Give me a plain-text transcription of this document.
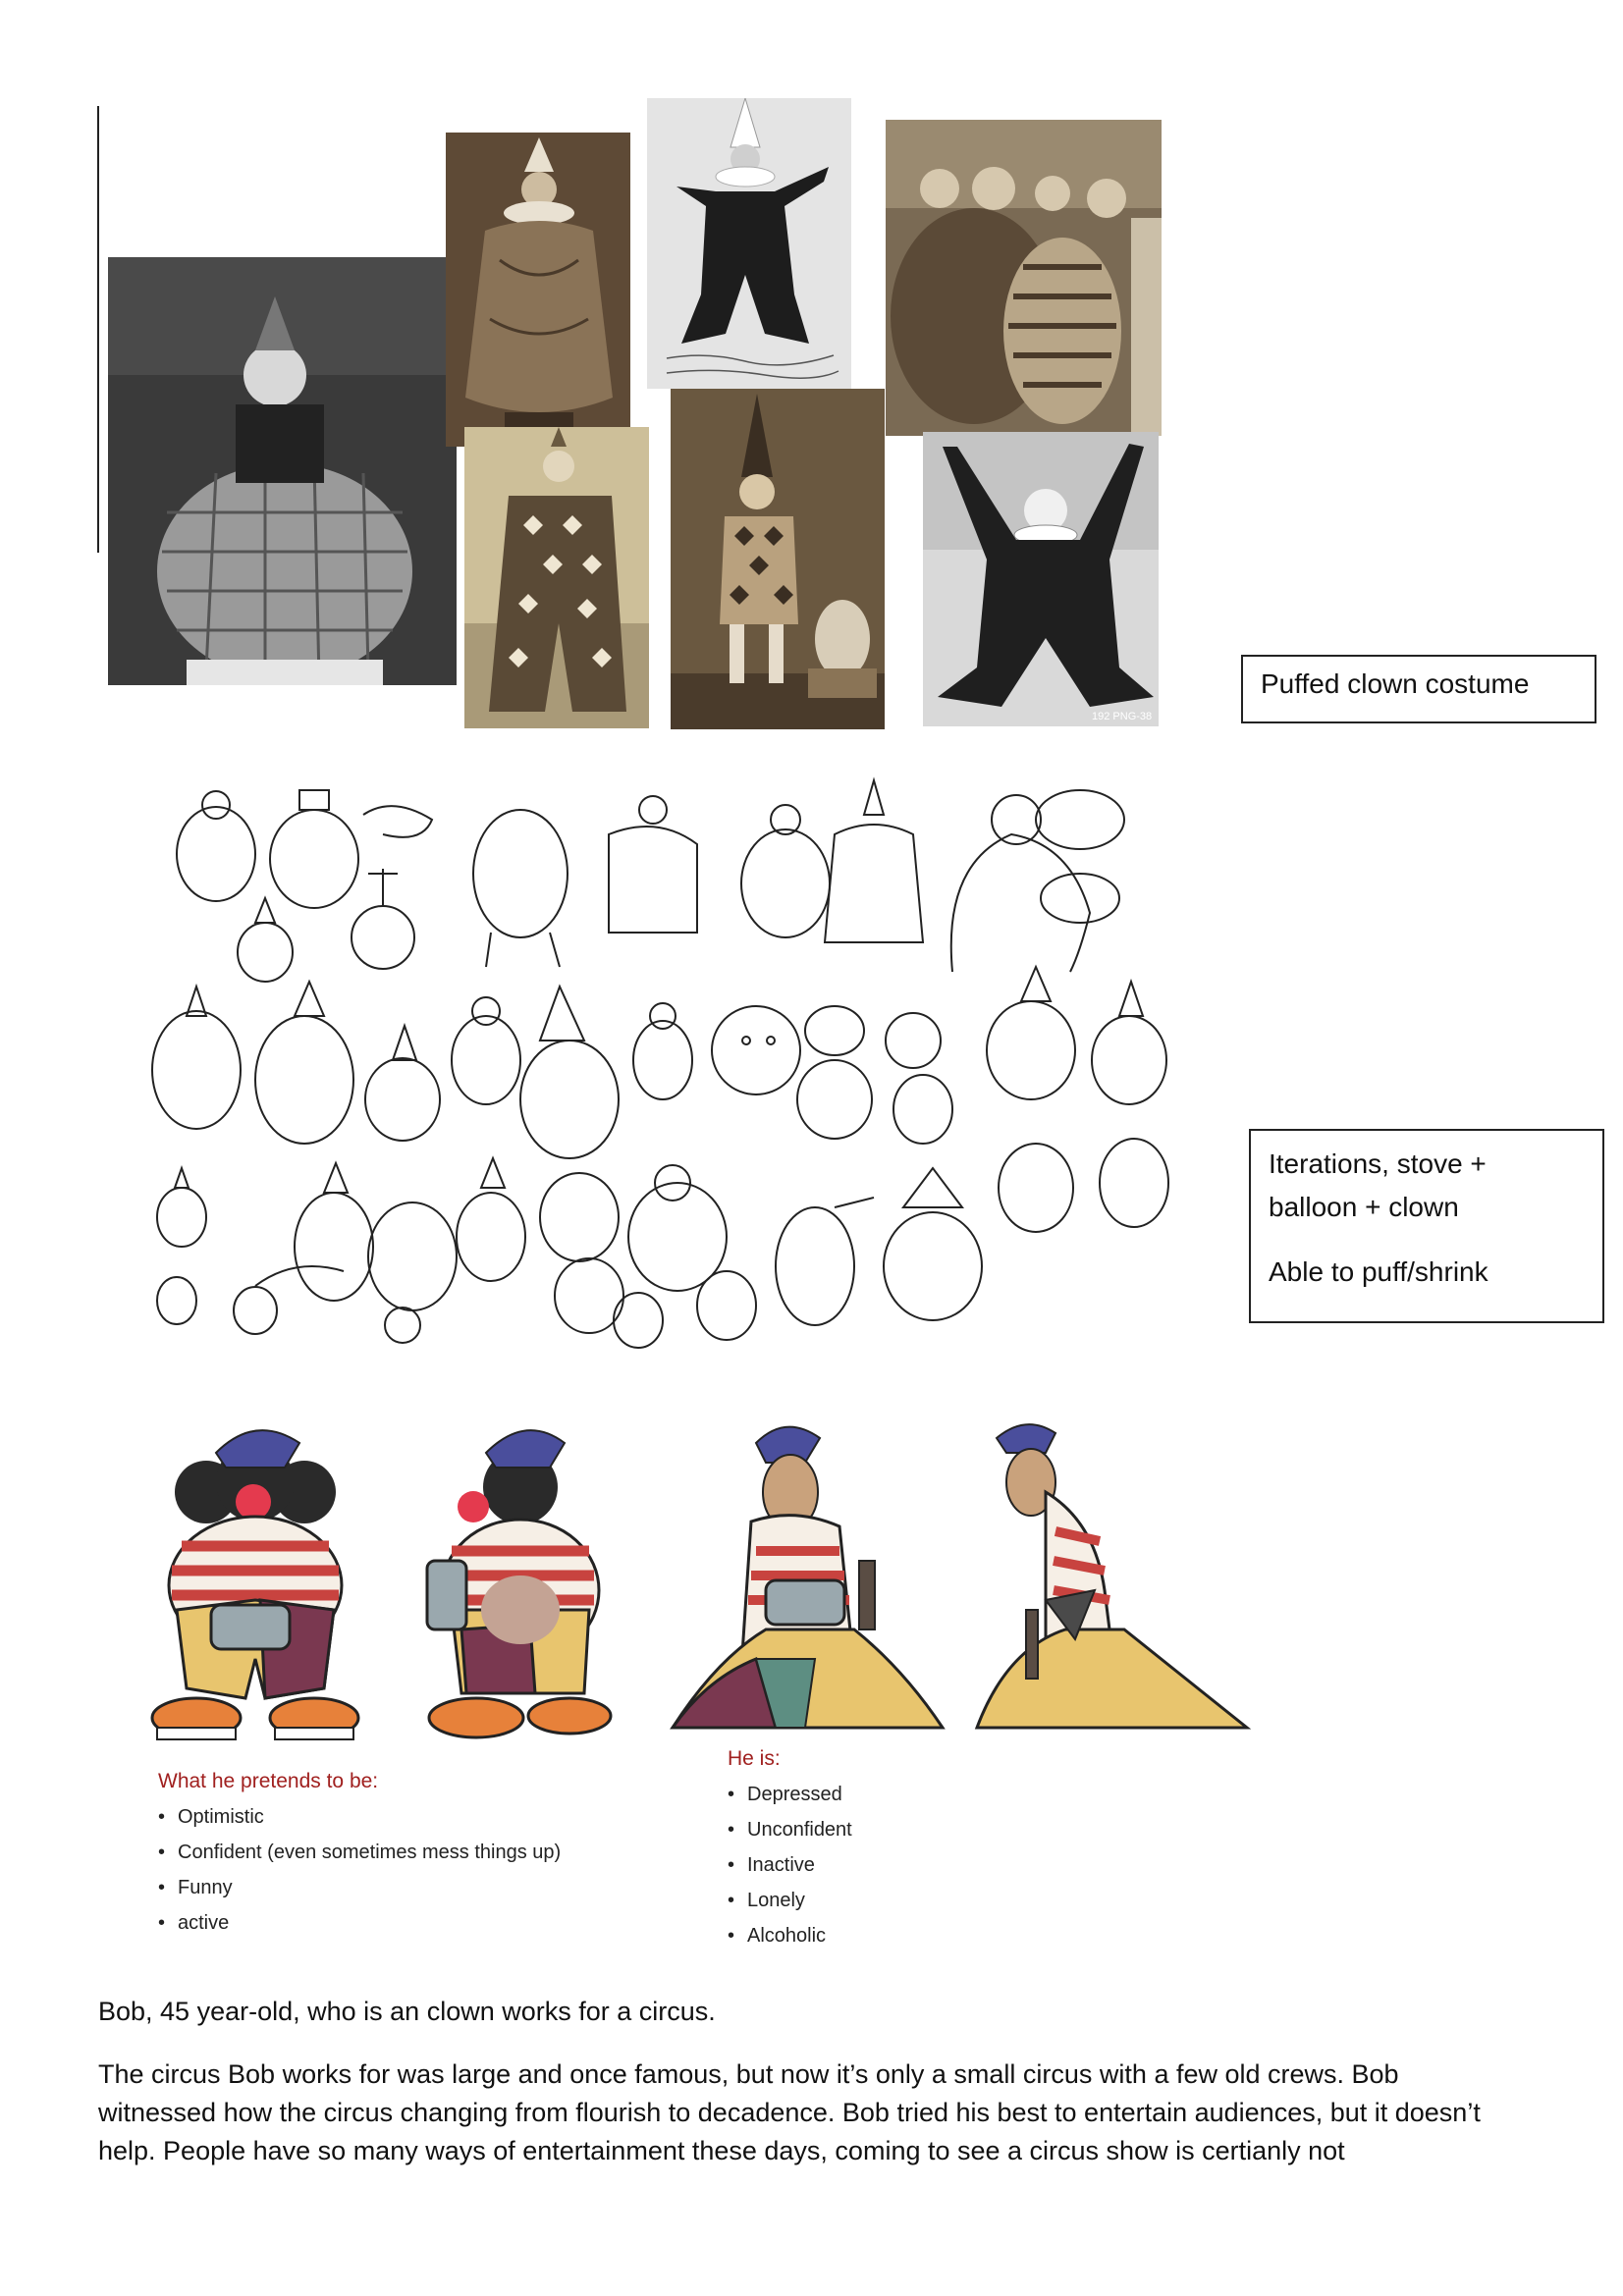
192 PNG-38

Puffed clown costume

Iterations, stove +

balloon + clown

Able to puff/shrink

What he pretends to be:
• Optimistic
• Confident (even sometimes mess things up)
• Funny
• active
He is:
• Depressed
• Unconfident
• Inactive
• Lonely
• Alcoholic

Bob, 45 year-old, who is an clown works for a circus.

The circus Bob works for was large and once famous, but now it’s only a small circus with a few old crews. Bob witnessed how the circus changing from flourish to decadence. Bob tried his best to entertain audiences, but it doesn’t help. People have so many ways of entertainment these days, coming to see a circus show is certianly not
